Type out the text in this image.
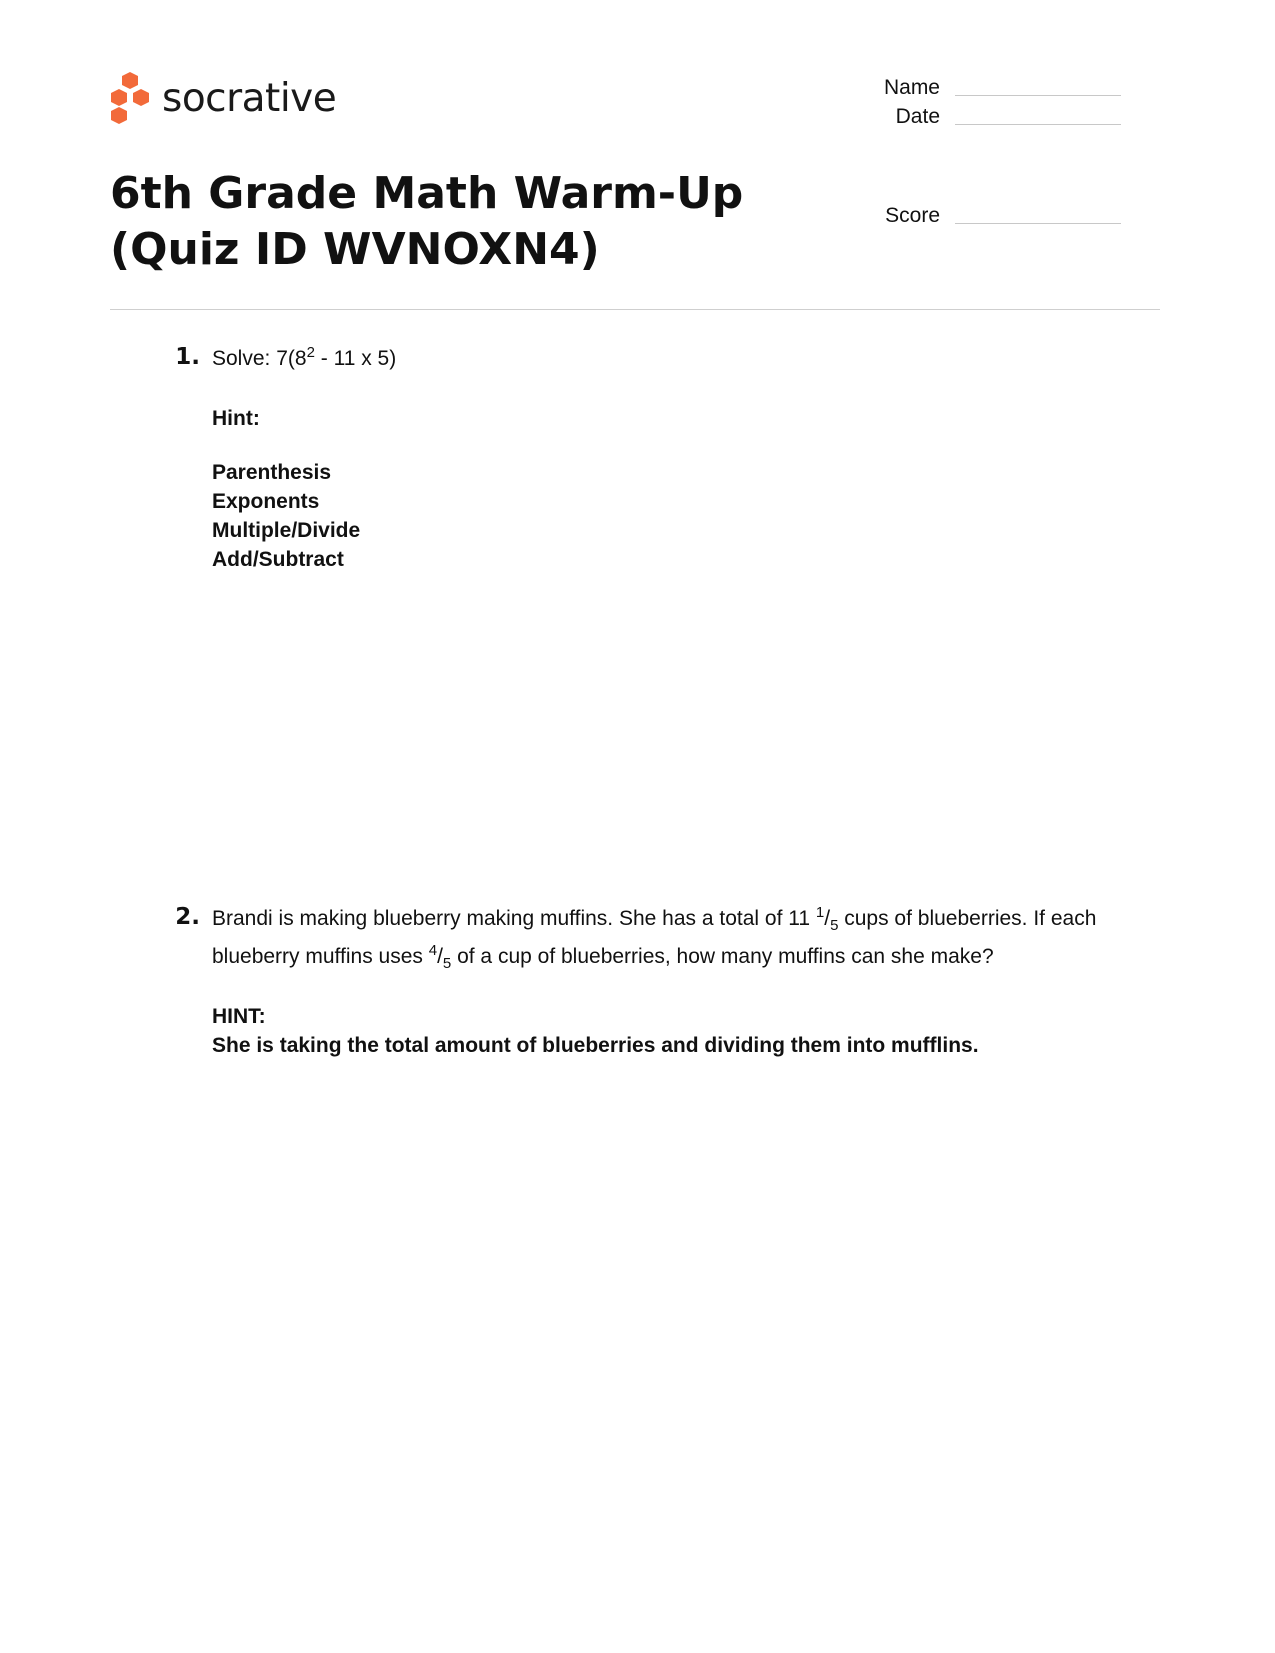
socrative	Name
Date
Score
6th Grade Math Warm-Up (Quiz ID WVNOXN4)
1. Solve: $7(8^2 - 11$ x 5)

Hint:

Parenthesis
Exponents
Multiple/Divide
Add/Subtract
2. Brandi is making blueberry making muffins. She has a total of 11 $^1/_5$ cups of blueberries. If each blueberry muffins uses $^4/_5$ of a cup of blueberries, how many muffins can she make?

HINT:

She is taking the total amount of blueberries and dividing them into mufflins.
